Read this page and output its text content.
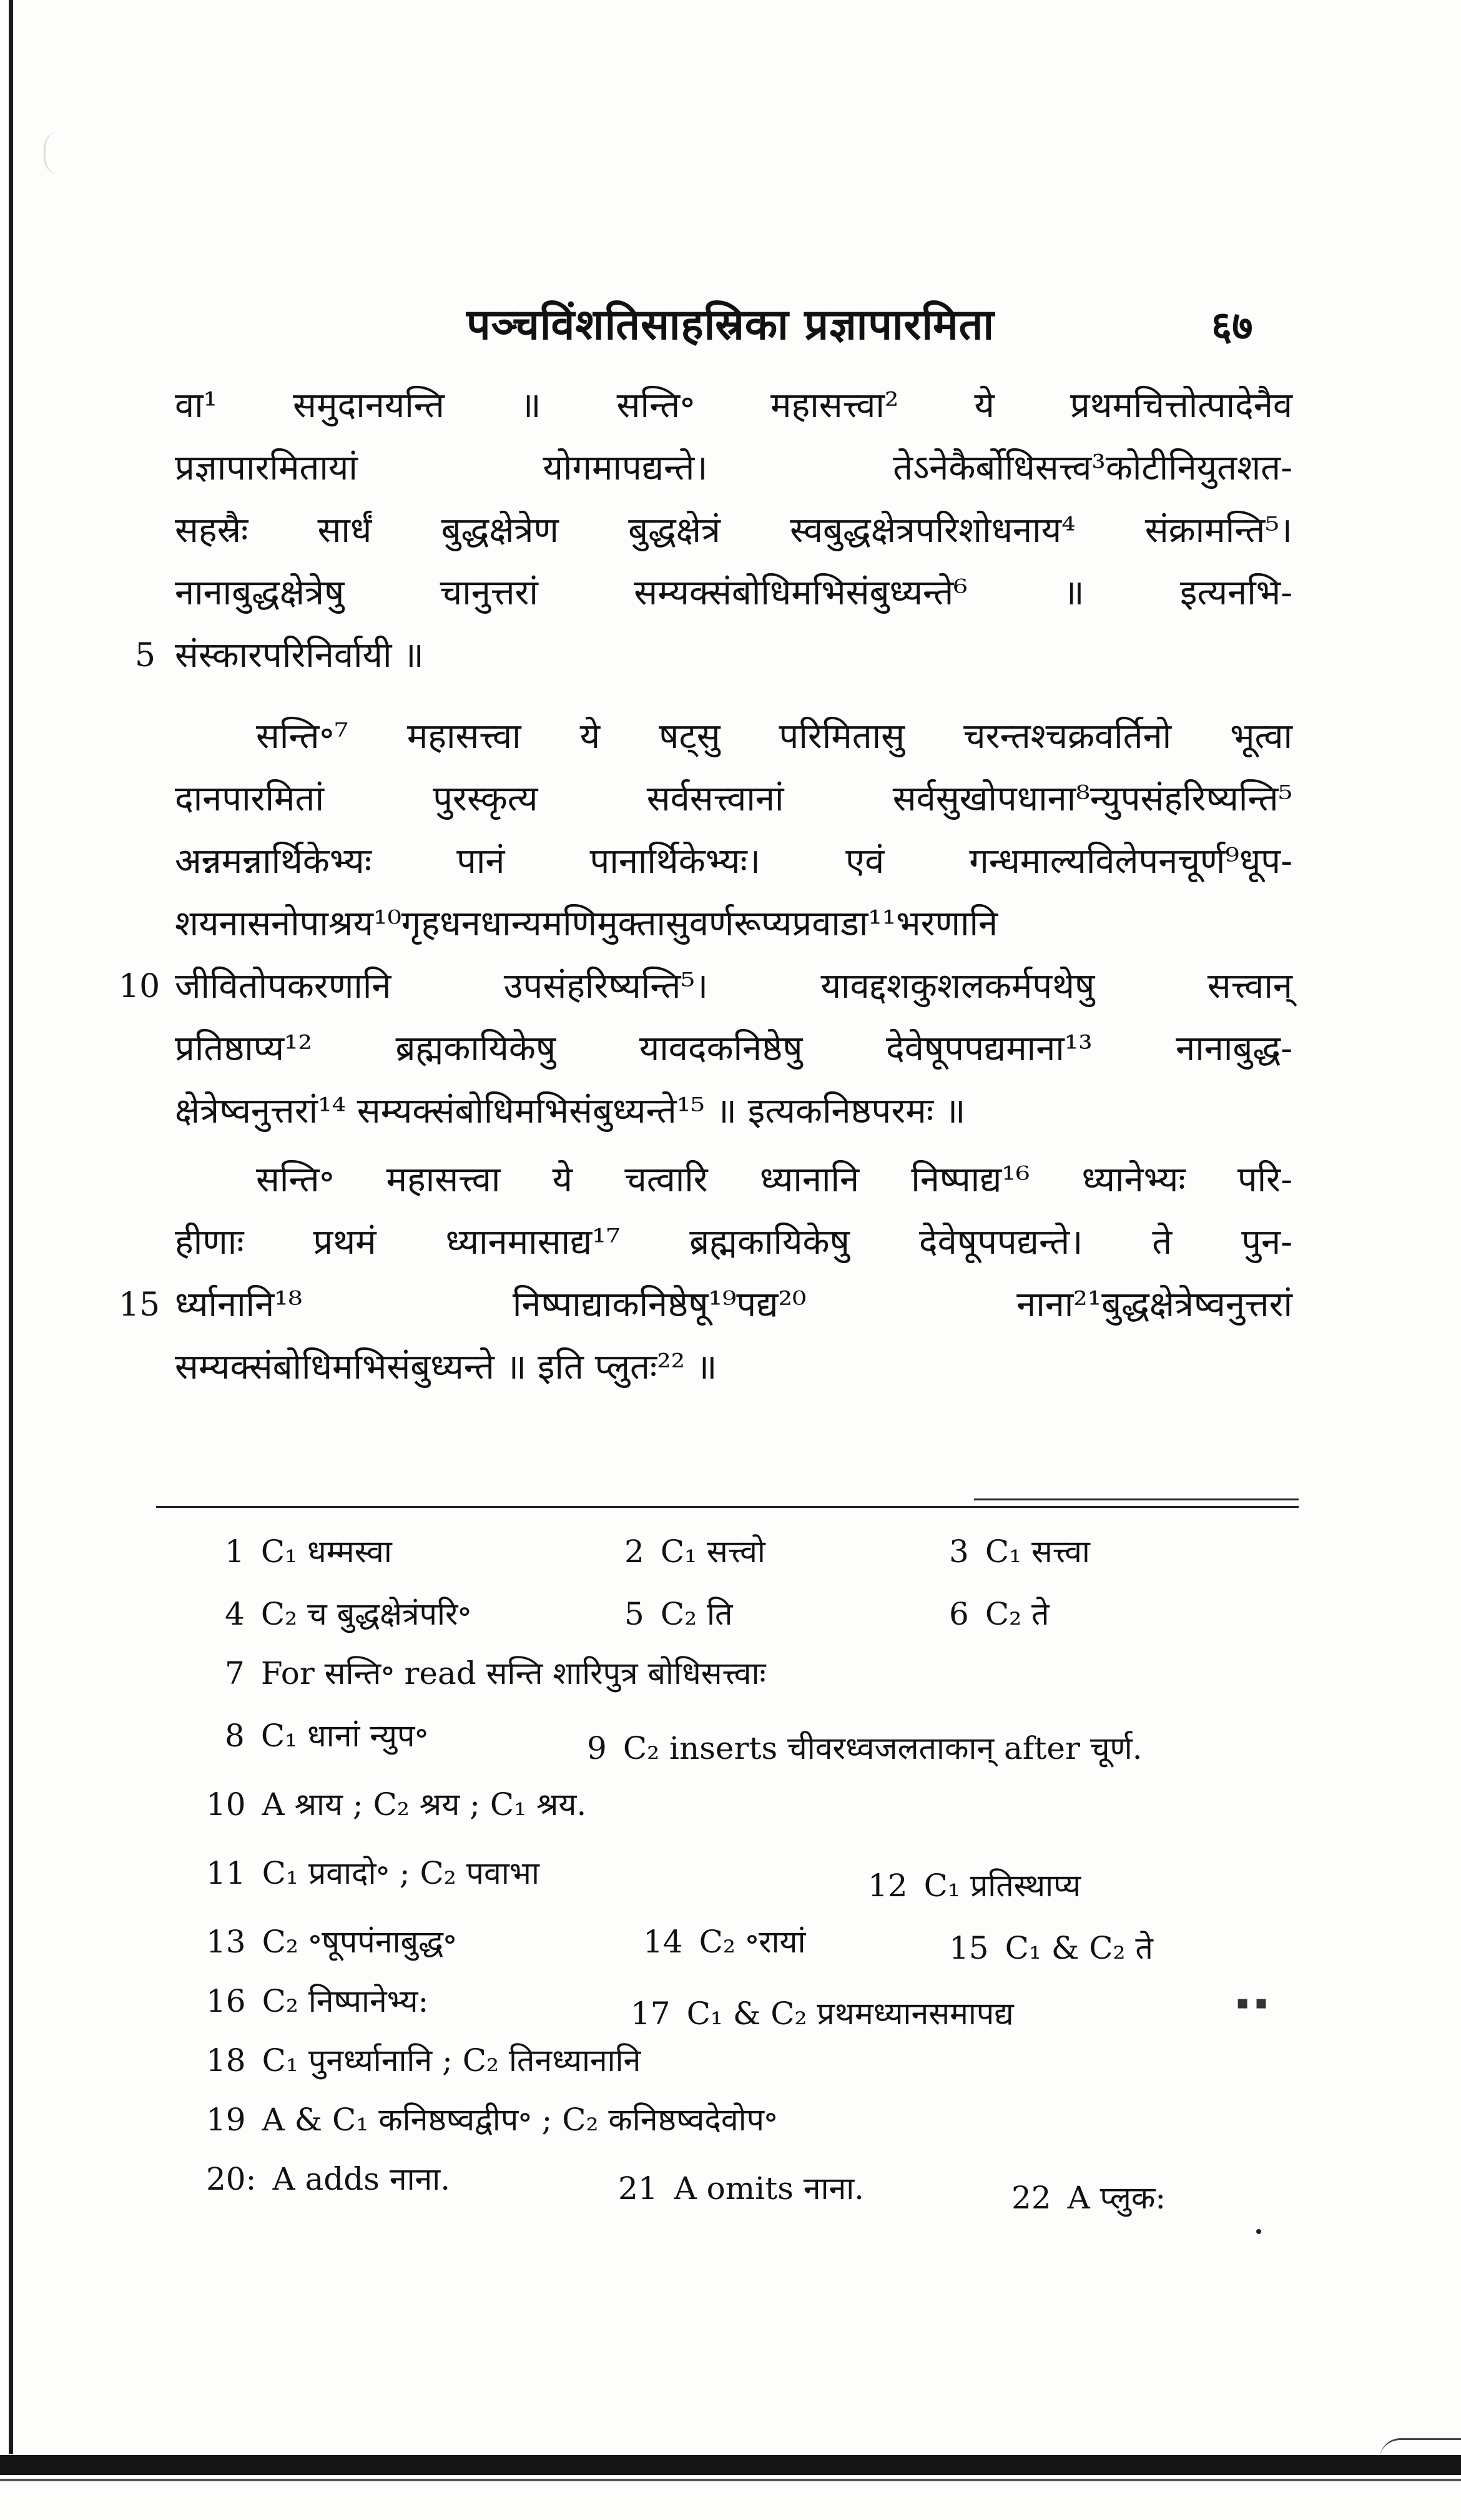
पञ्चविंशतिसाहस्रिका प्रज्ञापारमिता	६७
वा¹ समुदानयन्ति ॥ सन्ति॰ महासत्त्वा² ये प्रथमचित्तोत्पादेनैव
प्रज्ञापारमितायां योगमापद्यन्ते। तेऽनेकैर्बोधिसत्त्व³कोटीनियुतशत-
सहस्रैः सार्धं बुद्धक्षेत्रेण बुद्धक्षेत्रं स्वबुद्धक्षेत्रपरिशोधनाय⁴ संक्रामन्ति⁵।
नानाबुद्धक्षेत्रेषु चानुत्तरां सम्यक्संबोधिमभिसंबुध्यन्ते⁶ ॥ इत्यनभि-
संस्कारपरिनिर्वायी ॥
सन्ति॰⁷ महासत्त्वा ये षट्सु परिमितासु चरन्तश्चक्रवर्तिनो भूत्वा
दानपारमितां पुरस्कृत्य सर्वसत्त्वानां सर्वसुखोपधाना⁸न्युपसंहरिष्यन्ति⁵
अन्नमन्नार्थिकेभ्यः पानं पानार्थिकेभ्यः। एवं गन्धमाल्यविलेपनचूर्ण⁹धूप-
शयनासनोपाश्रय¹⁰गृहधनधान्यमणिमुक्तासुवर्णरूप्यप्रवाडा¹¹भरणानि
जीवितोपकरणानि उपसंहरिष्यन्ति⁵। यावद्दशकुशलकर्मपथेषु सत्त्वान्
प्रतिष्ठाप्य¹² ब्रह्मकायिकेषु यावदकनिष्ठेषु देवेषूपपद्यमाना¹³ नानाबुद्ध-
क्षेत्रेष्वनुत्तरां¹⁴ सम्यक्संबोधिमभिसंबुध्यन्ते¹⁵ ॥ इत्यकनिष्ठपरमः ॥
सन्ति॰ महासत्त्वा ये चत्वारि ध्यानानि निष्पाद्य¹⁶ ध्यानेभ्यः परि-
हीणाः प्रथमं ध्यानमासाद्य¹⁷ ब्रह्मकायिकेषु देवेषूपपद्यन्ते। ते पुन-
र्ध्यानानि¹⁸ निष्पाद्याकनिष्ठेषू¹⁹पद्य²⁰ नाना²¹बुद्धक्षेत्रेष्वनुत्तरां
सम्यक्संबोधिमभिसंबुध्यन्ते ॥ इति प्लुतः²² ॥
5
10
15
1 C₁ धम्मस्वा	2 C₁ सत्त्वो	3 C₁ सत्त्वा
4 C₂ च बुद्धक्षेत्रंपरि॰	5 C₂ ति	6 C₂ ते
7 For सन्ति॰ read सन्ति शारिपुत्र बोधिसत्त्वाः
8 C₁ धानां न्युप॰	9 C₂ inserts चीवरध्वजलताकान् after चूर्ण.
10 A श्राय ; C₂ श्रय ; C₁ श्रय.
11 C₁ प्रवादो॰ ; C₂ पवाभा	12 C₁ प्रतिस्थाप्य
13 C₂ ॰षूपपंनाबुद्ध॰	14 C₂ ॰रायां	15 C₁ & C₂ ते
16 C₂ निष्पानेभ्य:	17 C₁ & C₂ प्रथमध्यानसमापद्य
18 C₁ पुनर्ध्यानानि ; C₂ तिनध्यानानि
19 A & C₁ कनिष्ठष्वद्वीप॰ ; C₂ कनिष्ठष्वदेवोप॰
20: A adds नाना.	21 A omits नाना.	22 A प्लुक:
▪ ▪
